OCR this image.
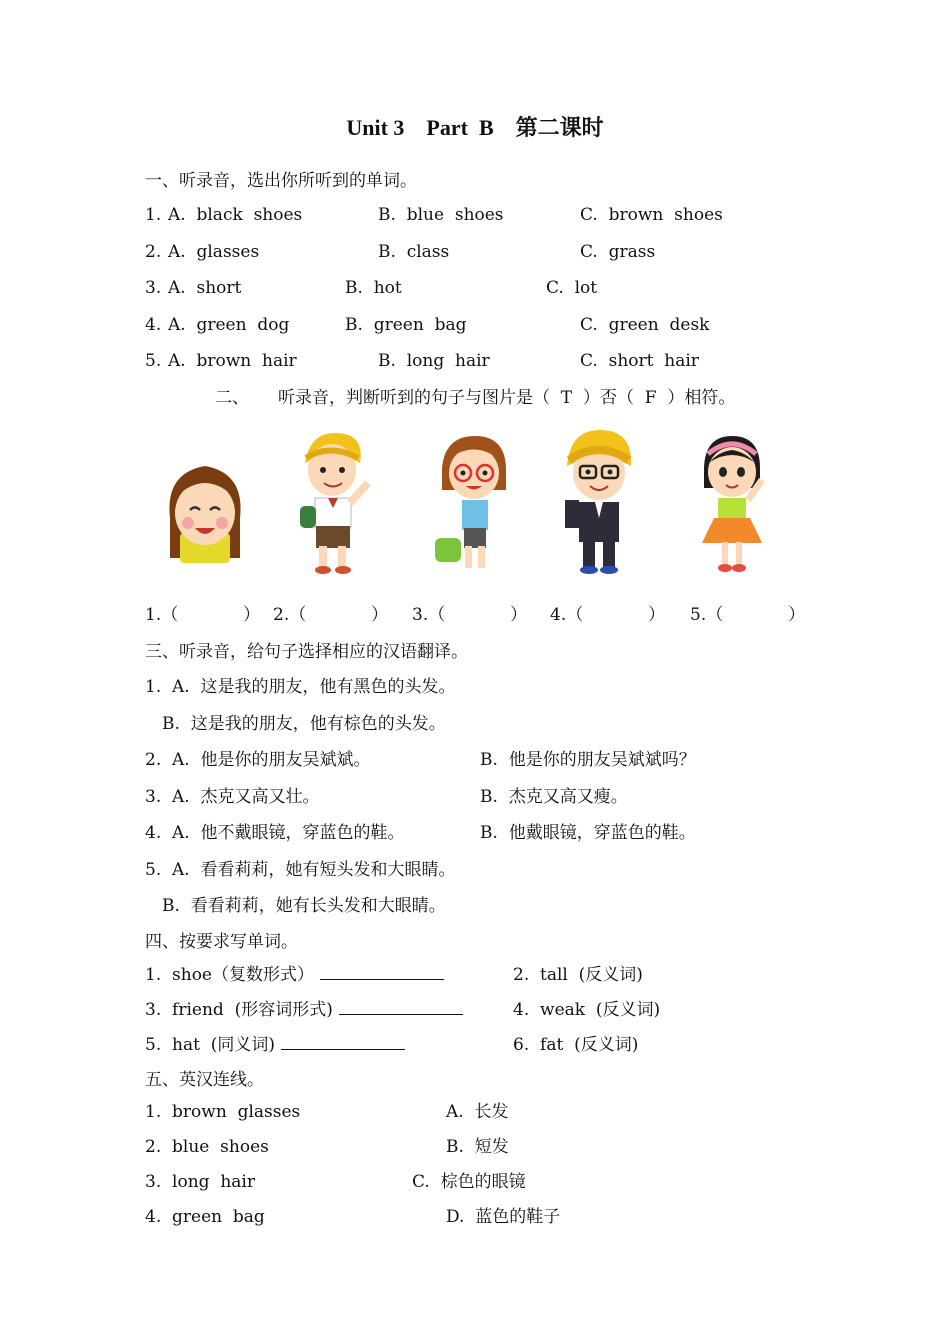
Unit 3    Part  B    第二课时
一、听录音，选出你所听到的单词。

1.

A.  black  shoes

	B.  blue  shoes

	C.  brown  shoes

2.

A.  glasses

	B.  class

	C.  grass

3.

A.  short

	B.  hot

	C.  lot

4.

A.  green  dog

	B.  green  bag

	C.  green  desk

5.

A.  brown  hair

	B.  long  hair

	C.  short  hair

二、

听录音，判断听到的句子与图片是（  T  ）否（  F  ）相符。

1.（            ）

2.（            ）

3.（            ）

4.（            ）

5.（            ）

三、听录音，给句子选择相应的汉语翻译。
1.  A.  这是我的朋友，他有黑色的头发。
B.  这是我的朋友，他有棕色的头发。

2.  A.  他是你的朋友吴斌斌。	B.  他是你的朋友吴斌斌吗？

3.  A.  杰克又高又壮。	B.  杰克又高又瘦。

4.  A.  他不戴眼镜，穿蓝色的鞋。	B.  他戴眼镜，穿蓝色的鞋。

5.  A.  看看莉莉，她有短头发和大眼睛。
B.  看看莉莉，她有长头发和大眼睛。
四、按要求写单词。

1.  shoe（复数形式）

	2.  tall  (反义词)

3.  friend  (形容词形式)

	4.  weak  (反义词)

5.  hat  (同义词)

	6.  fat  (反义词)

五、英汉连线。

1.  brown  glasses	A.  长发

2.  blue  shoes	B.  短发

3.  long  hair	C.  棕色的眼镜

4.  green  bag	D.  蓝色的鞋子
